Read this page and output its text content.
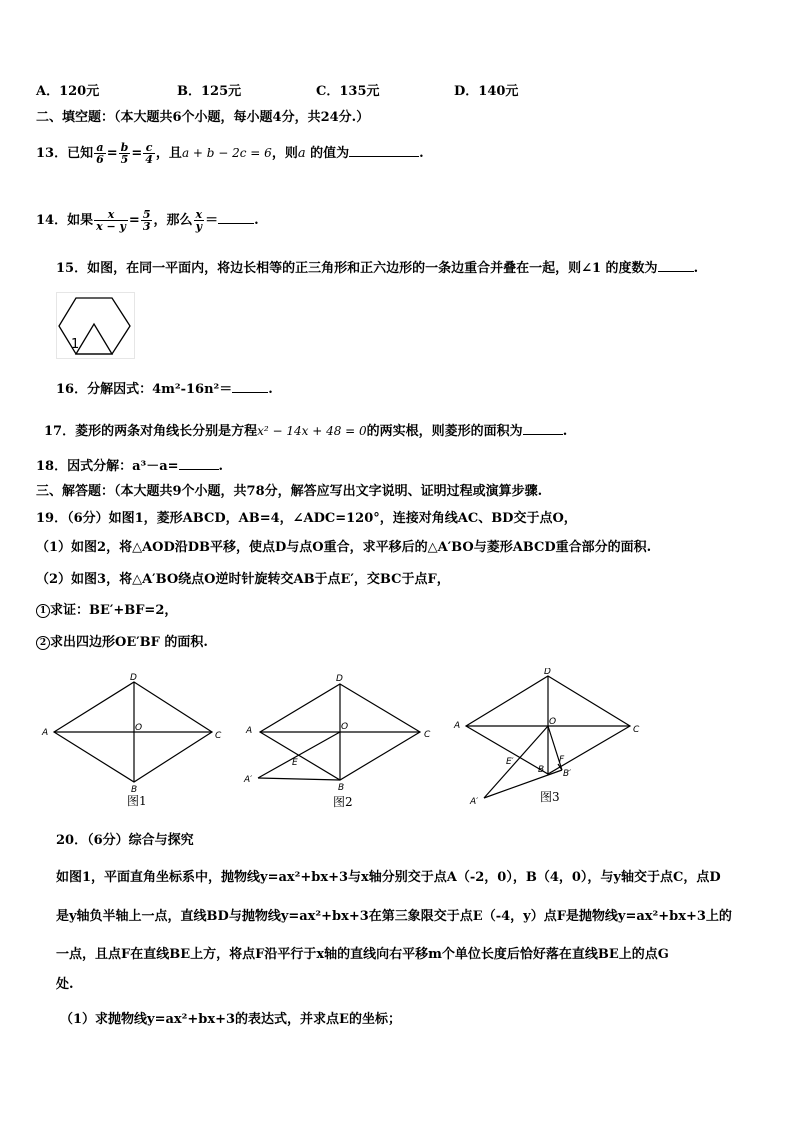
A．120元	B．125元	C．135元	D．140元
二、填空题：（本大题共6个小题，每小题4分，共24分.）
13．已知 $\frac{a}{6} = \frac{b}{5} = \frac{c}{4}$ ，且a + b − 2c = 6，则a 的值为	.
14．如果 $\frac{x}{x - y} = \frac{5}{3}$ ，那么 $\frac{x}{y}$ ＝	.
15．如图，在同一平面内，将边长相等的正三角形和正六边形的一条边重合并叠在一起，则∠1 的度数为	.
1
16．分解因式：4m²-16n²＝	.
17．菱形的两条对角线长分别是方程x² − 14x + 48 = 0的两实根，则菱形的面积为	.
18．因式分解：a³－a=	.
三、解答题：（本大题共9个小题，共78分，解答应写出文字说明、证明过程或演算步骤.
19．（6分）如图1，菱形ABCD，AB=4，∠ADC=120°，连接对角线AC、BD交于点O，
（1）如图2，将△AOD沿DB平移，使点D与点O重合，求平移后的△A′BO与菱形ABCD重合部分的面积.
（2）如图3，将△A′BO绕点O逆时针旋转交AB于点E′，交BC于点F，
1 求证：BE′+BF=2，
2 求出四边形OE′BF 的面积.
D
A	C
B
O
D
A	C
B
O
E
A′
D
A	C
B
O
E′	F
B′
A′
图1	图2	图3
20．（6分）综合与探究
如图1，平面直角坐标系中，抛物线y=ax²+bx+3与x轴分别交于点A（-2，0），B（4，0），与y轴交于点C，点D
是y轴负半轴上一点，直线BD与抛物线y=ax²+bx+3在第三象限交于点E（-4，y）点F是抛物线y=ax²+bx+3上的
一点，且点F在直线BE上方，将点F沿平行于x轴的直线向右平移m个单位长度后恰好落在直线BE上的点G
处.
（1）求抛物线y=ax²+bx+3的表达式，并求点E的坐标；
